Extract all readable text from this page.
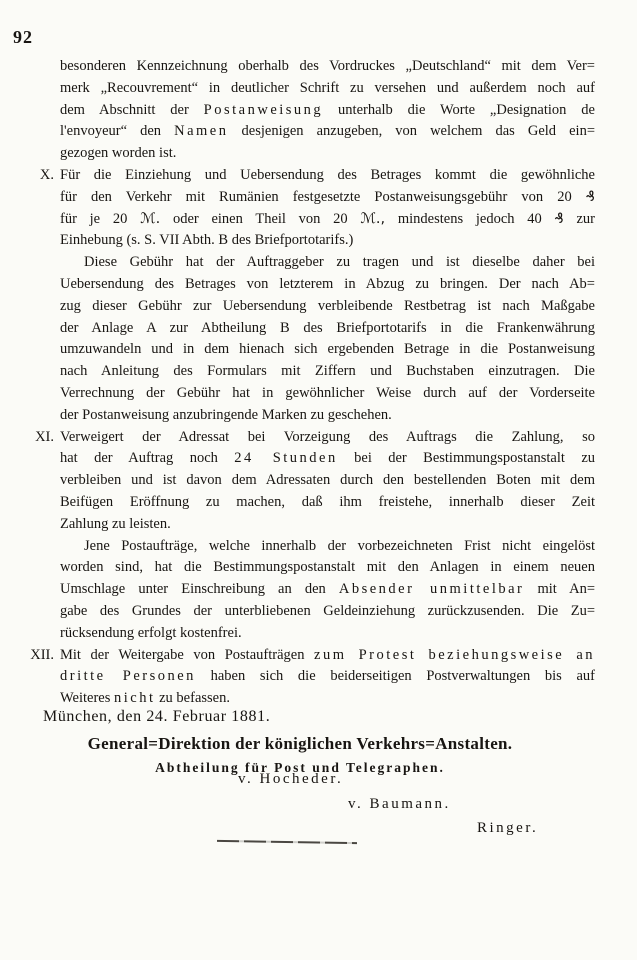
92
besonderen Kennzeichnung oberhalb des Vordruckes „Deutschland“ mit dem Ver=
merk „Recouvrement“ in deutlicher Schrift zu versehen und außerdem noch auf
dem Abschnitt der Postanweisung unterhalb die Worte „Designation de
l'envoyeur“ den Namen desjenigen anzugeben, von welchem das Geld ein=
gezogen worden ist.
X. Für die Einziehung und Uebersendung des Betrages kommt die gewöhnliche
für den Verkehr mit Rumänien festgesetzte Postanweisungsgebühr von 20 ₰
für je 20 ℳ. oder einen Theil von 20 ℳ., mindestens jedoch 40 ₰ zur
Einhebung (s. S. VII Abth. B des Briefportotarifs.)
Diese Gebühr hat der Auftraggeber zu tragen und ist dieselbe daher bei
Uebersendung des Betrages von letzterem in Abzug zu bringen. Der nach Ab=
zug dieser Gebühr zur Uebersendung verbleibende Restbetrag ist nach Maßgabe
der Anlage A zur Abtheilung B des Briefportotarifs in die Frankenwährung
umzuwandeln und in dem hienach sich ergebenden Betrage in die Postanweisung
nach Anleitung des Formulars mit Ziffern und Buchstaben einzutragen. Die
Verrechnung der Gebühr hat in gewöhnlicher Weise durch auf der Vorderseite
der Postanweisung anzubringende Marken zu geschehen.
XI. Verweigert der Adressat bei Vorzeigung des Auftrags die Zahlung, so
hat der Auftrag noch 24 Stunden bei der Bestimmungspostanstalt zu
verbleiben und ist davon dem Adressaten durch den bestellenden Boten mit dem
Beifügen Eröffnung zu machen, daß ihm freistehe, innerhalb dieser Zeit
Zahlung zu leisten.
Jene Postaufträge, welche innerhalb der vorbezeichneten Frist nicht eingelöst
worden sind, hat die Bestimmungspostanstalt mit den Anlagen in einem neuen
Umschlage unter Einschreibung an den Absender unmittelbar mit An=
gabe des Grundes der unterbliebenen Geldeinziehung zurückzusenden. Die Zu=
rücksendung erfolgt kostenfrei.
XII. Mit der Weitergabe von Postaufträgen zum Protest beziehungsweise an
dritte Personen haben sich die beiderseitigen Postverwaltungen bis auf
Weiteres nicht zu befassen.
München, den 24. Februar 1881.
General=Direktion der königlichen Verkehrs=Anstalten.
Abtheilung für Post und Telegraphen.
v. Hocheder.
v. Baumann.
Ringer.
